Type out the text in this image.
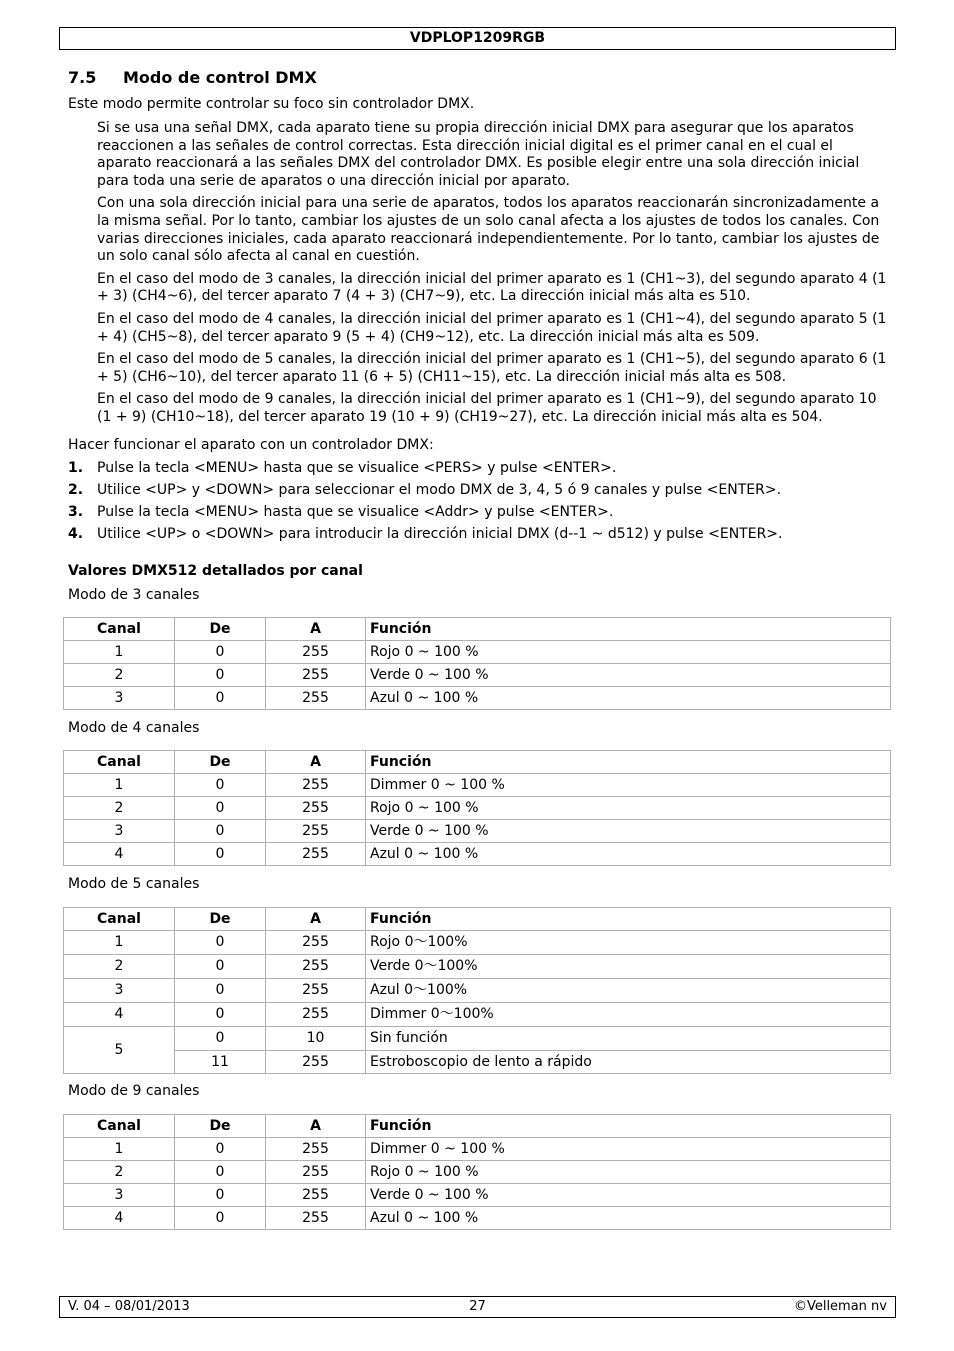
VDPLOP1209RGB
7.5 Modo de control DMX
Este modo permite controlar su foco sin controlador DMX.

Si se usa una señal DMX, cada aparato tiene su propia dirección inicial DMX para asegurar que los aparatos reaccionen a las señales de control correctas. Esta dirección inicial digital es el primer canal en el cual el aparato reaccionará a las señales DMX del controlador DMX. Es posible elegir entre una sola dirección inicial para toda una serie de aparatos o una dirección inicial por aparato.

Con una sola dirección inicial para una serie de aparatos, todos los aparatos reaccionarán sincronizadamente a la misma señal. Por lo tanto, cambiar los ajustes de un solo canal afecta a los ajustes de todos los canales. Con varias direcciones iniciales, cada aparato reaccionará independientemente. Por lo tanto, cambiar los ajustes de un solo canal sólo afecta al canal en cuestión.

En el caso del modo de 3 canales, la dirección inicial del primer aparato es 1 (CH1~3), del segundo aparato 4 (1 + 3) (CH4~6), del tercer aparato 7 (4 + 3) (CH7~9), etc. La dirección inicial más alta es 510.

En el caso del modo de 4 canales, la dirección inicial del primer aparato es 1 (CH1~4), del segundo aparato 5 (1 + 4) (CH5~8), del tercer aparato 9 (5 + 4) (CH9~12), etc. La dirección inicial más alta es 509.

En el caso del modo de 5 canales, la dirección inicial del primer aparato es 1 (CH1~5), del segundo aparato 6 (1 + 5) (CH6~10), del tercer aparato 11 (6 + 5) (CH11~15), etc. La dirección inicial más alta es 508.

En el caso del modo de 9 canales, la dirección inicial del primer aparato es 1 (CH1~9), del segundo aparato 10 (1 + 9) (CH10~18), del tercer aparato 19 (10 + 9) (CH19~27), etc. La dirección inicial más alta es 504.

Hacer funcionar el aparato con un controlador DMX:
1. Pulse la tecla <MENU> hasta que se visualice <PERS> y pulse <ENTER>.
2. Utilice <UP> y <DOWN> para seleccionar el modo DMX de 3, 4, 5 ó 9 canales y pulse <ENTER>.
3. Pulse la tecla <MENU> hasta que se visualice <Addr> y pulse <ENTER>.
4. Utilice <UP> o <DOWN> para introducir la dirección inicial DMX (d--1 ~ d512) y pulse <ENTER>.
Valores DMX512 detallados por canal
Modo de 3 canales
Canal	De	A	Función
1	0	255	Rojo 0 ~ 100 %
2	0	255	Verde 0 ~ 100 %
3	0	255	Azul 0 ~ 100 %
Modo de 4 canales
Canal	De	A	Función
1	0	255	Dimmer 0 ~ 100 %
2	0	255	Rojo 0 ~ 100 %
3	0	255	Verde 0 ~ 100 %
4	0	255	Azul 0 ~ 100 %
Modo de 5 canales
Canal	De	A	Función
1	0	255	Rojo 0～100%
2	0	255	Verde 0～100%
3	0	255	Azul 0～100%
4	0	255	Dimmer 0～100%
5	0	10	Sin función
	11	255	Estroboscopio de lento a rápido
Modo de 9 canales
Canal	De	A	Función
1	0	255	Dimmer 0 ~ 100 %
2	0	255	Rojo 0 ~ 100 %
3	0	255	Verde 0 ~ 100 %
4	0	255	Azul 0 ~ 100 %
V. 04 – 08/01/2013	27	©Velleman nv
